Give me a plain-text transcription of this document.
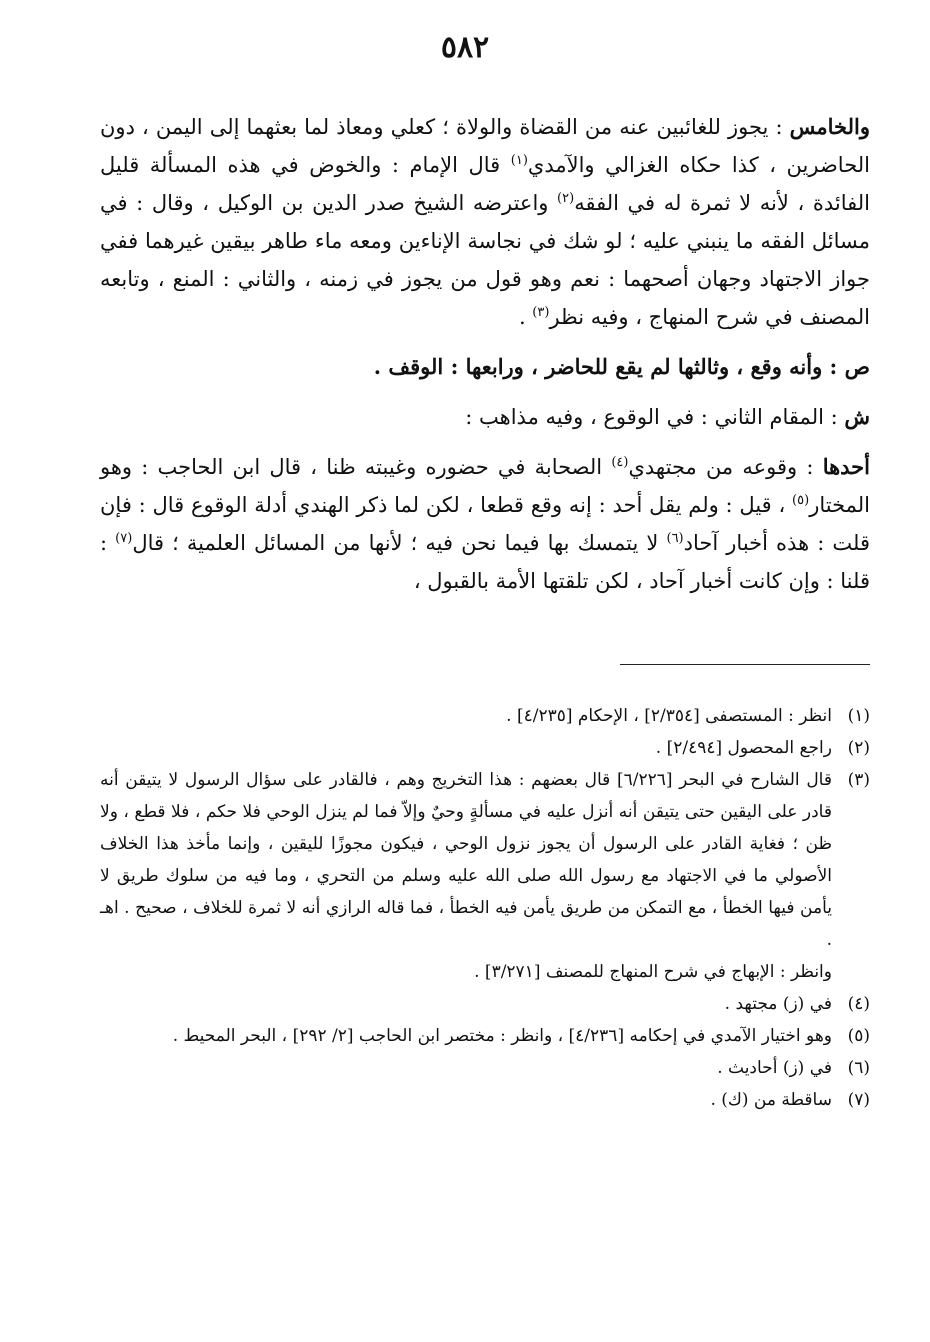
٥٨٢

والخامس : يجوز للغائبين عنه من القضاة والولاة ؛ كعلي ومعاذ لما بعثهما إلى اليمن ، دون الحاضرين ، كذا حكاه الغزالي والآمدي$^{(١)}$ قال الإمام : والخوض في هذه المسألة قليل الفائدة ، لأنه لا ثمرة له في الفقه$^{(٢)}$ واعترضه الشيخ صدر الدين بن الوكيل ، وقال : في مسائل الفقه ما ينبني عليه ؛ لو شك في نجاسة الإناءين ومعه ماء طاهر بيقين غيرهما ففي جواز الاجتهاد وجهان أصحهما : نعم وهو قول من يجوز في زمنه ، والثاني : المنع ، وتابعه المصنف في شرح المنهاج ، وفيه نظر$^{(٣)}$ .

ص : وأنه وقع ، وثالثها لم يقع للحاضر ، ورابعها : الوقف .

ش : المقام الثاني : في الوقوع ، وفيه مذاهب :

أحدها : وقوعه من مجتهدي$^{(٤)}$ الصحابة في حضوره وغيبته ظنا ، قال ابن الحاجب : وهو المختار$^{(٥)}$ ، قيل : ولم يقل أحد : إنه وقع قطعا ، لكن لما ذكر الهندي أدلة الوقوع قال : فإن قلت : هذه أخبار آحاد$^{(٦)}$ لا يتمسك بها فيما نحن فيه ؛ لأنها من المسائل العلمية ؛ قال$^{(٧)}$ : قلنا : وإن كانت أخبار آحاد ، لكن تلقتها الأمة بالقبول ،

(١)
انظر : المستصفى [٢/٣٥٤] ، الإحكام [٤/٢٣٥] .
(٢)
راجع المحصول [٢/٤٩٤] .
(٣)
قال الشارح في البحر [٦/٢٢٦] قال بعضهم : هذا التخريج وهم ، فالقادر على سؤال الرسول لا يتيقن أنه قادر على اليقين حتى يتيقن أنه أنزل عليه في مسألةٍ وحيٌ وإلاّ فما لم ينزل الوحي فلا حكم ، فلا قطع ، ولا ظن ؛ فغاية القادر على الرسول أن يجوز نزول الوحي ، فيكون مجوزًا لليقين ، وإنما مأخذ هذا الخلاف الأصولي ما في الاجتهاد مع رسول الله صلى الله عليه وسلم من التحري ، وما فيه من سلوك طريق لا يأمن فيها الخطأ ، مع التمكن من طريق يأمن فيه الخطأ ، فما قاله الرازي أنه لا ثمرة للخلاف ، صحيح . اهـ .

وانظر : الإبهاج في شرح المنهاج للمصنف [٣/٢٧١] .

(٤)
في (ز) مجتهد .
(٥)
وهو اختيار الآمدي في إحكامه [٤/٢٣٦] ، وانظر : مختصر ابن الحاجب [٢/ ٢٩٢] ، البحر المحيط .
(٦)
في (ز) أحاديث .
(٧)
ساقطة من (ك) .
